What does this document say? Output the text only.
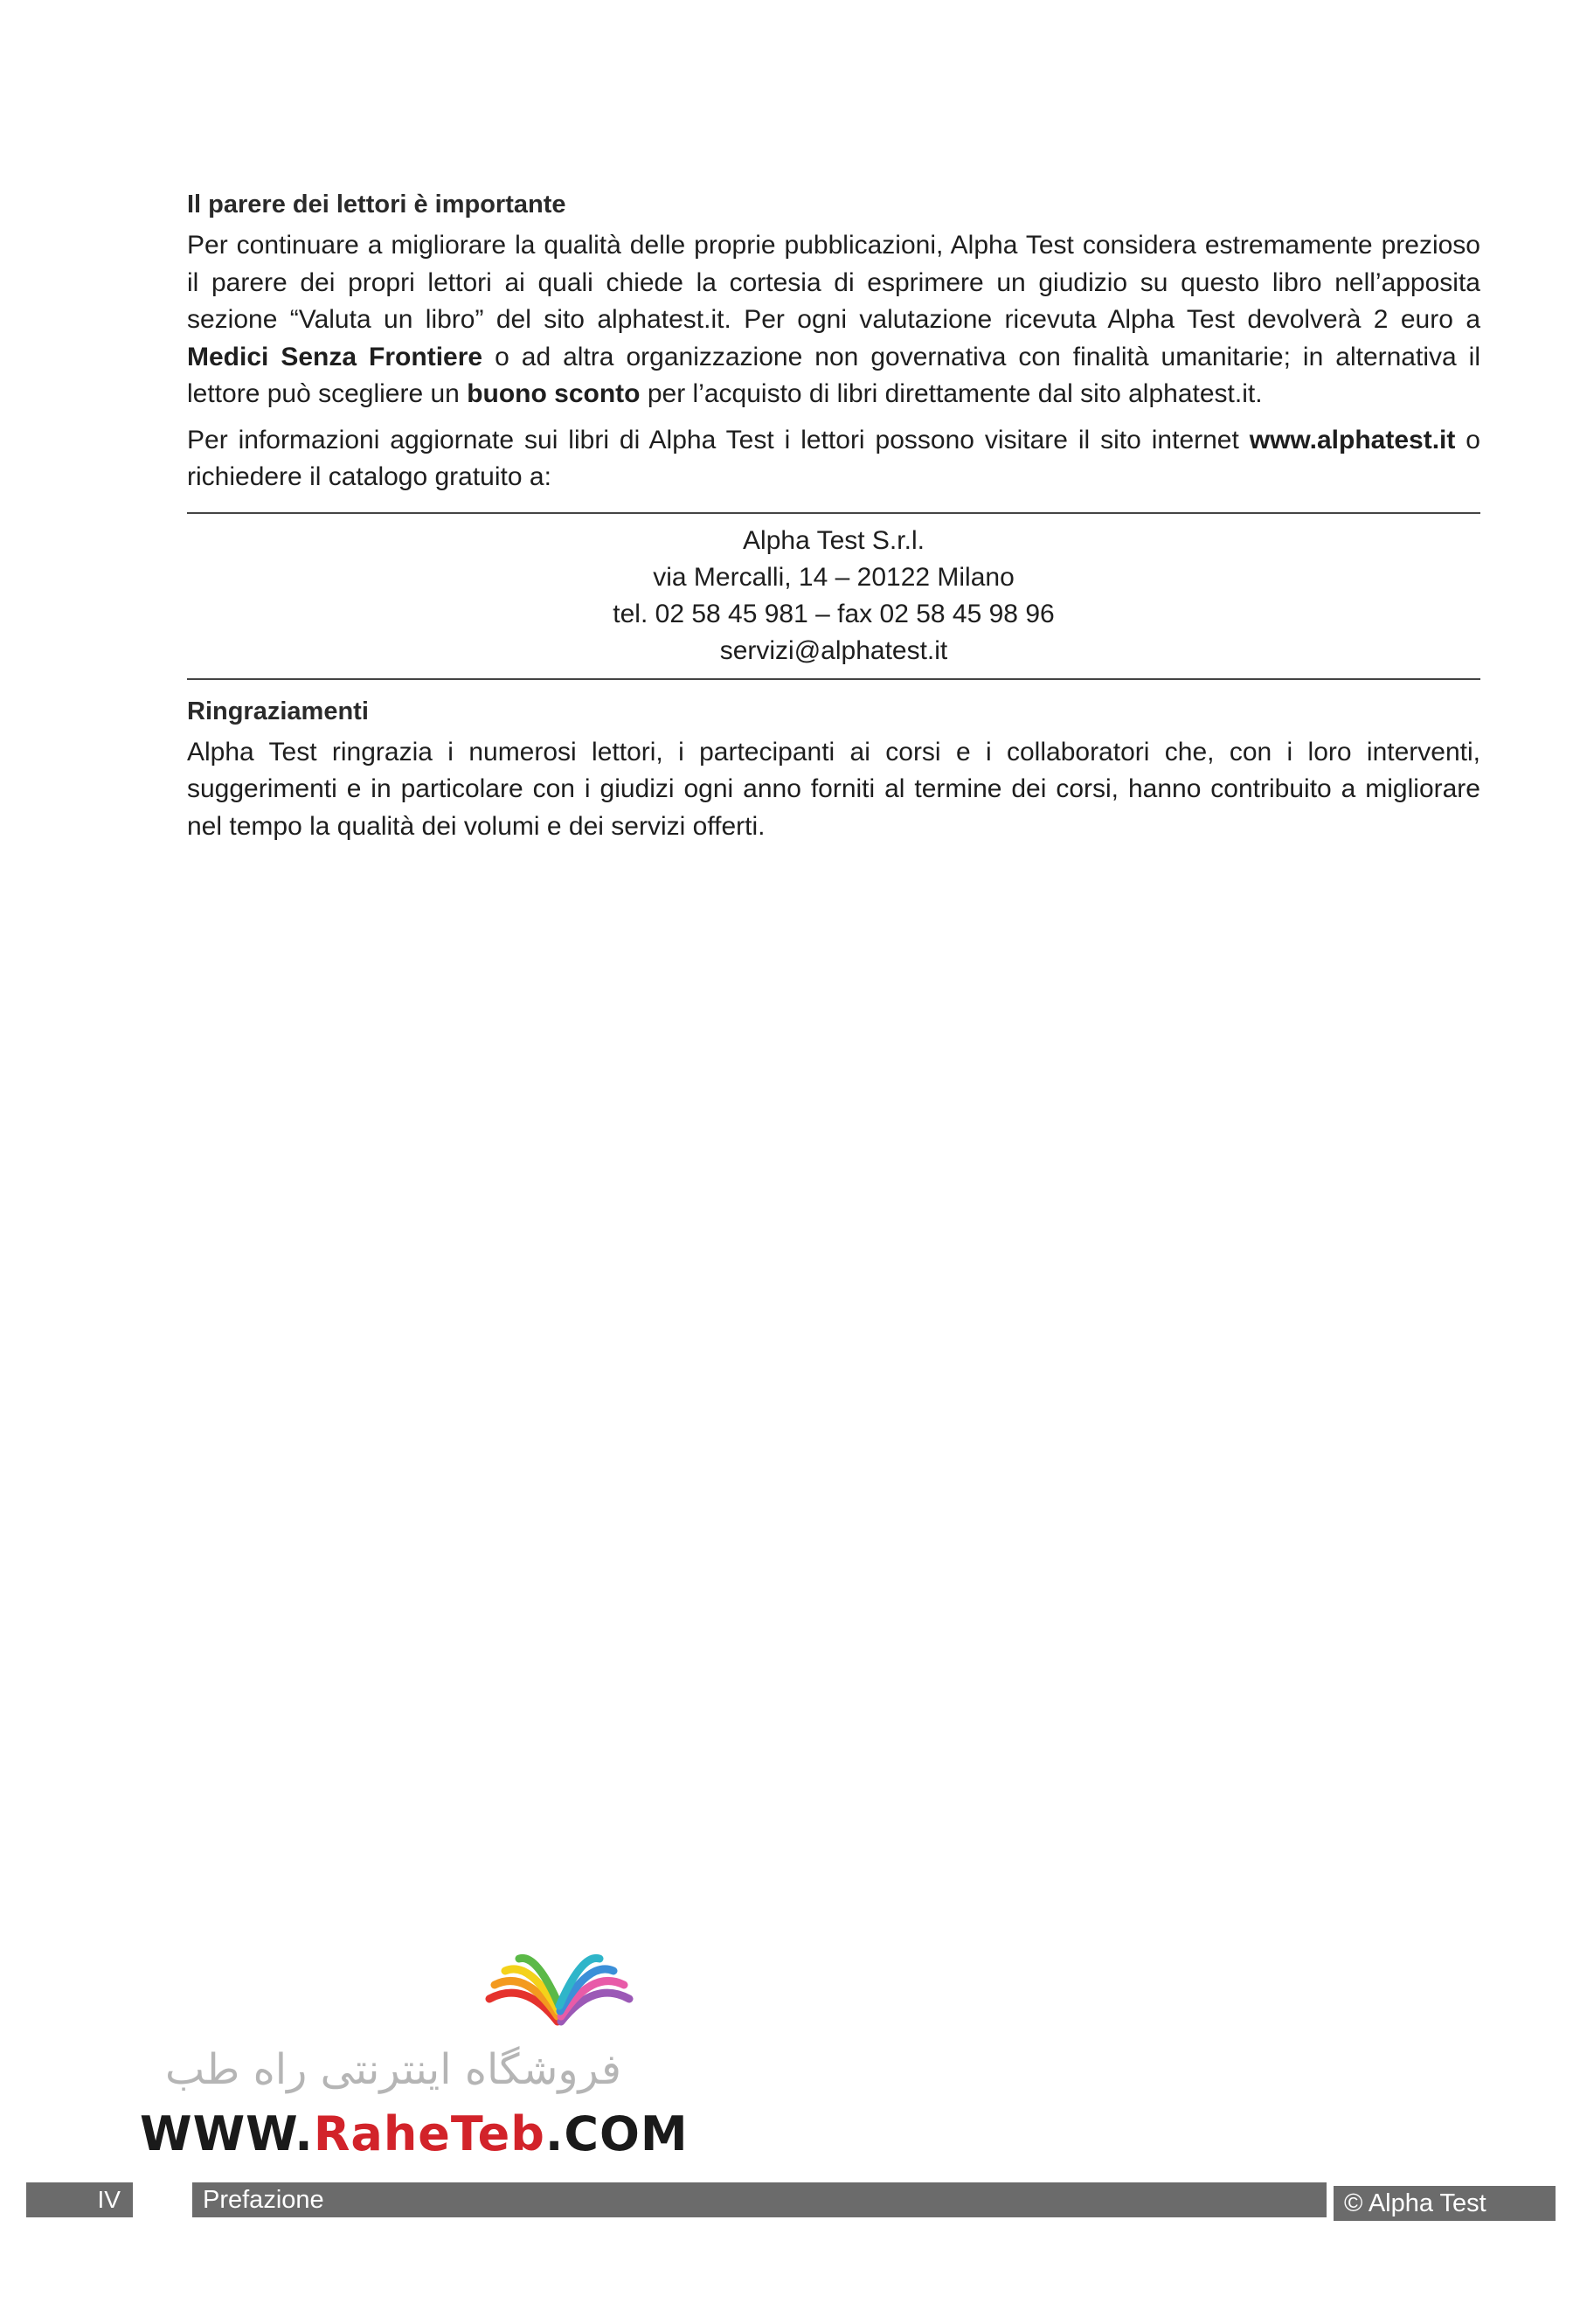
Il parere dei lettori è importante

Per continuare a migliorare la qualità delle proprie pubblicazioni, Alpha Test considera estremamente prezioso il parere dei propri lettori ai quali chiede la cortesia di esprimere un giudizio su questo libro nell’apposita sezione “Valuta un libro” del sito alphatest.it. Per ogni valutazione ricevuta Alpha Test devolverà 2 euro a Medici Senza Frontiere o ad altra organizzazione non governativa con finalità umanitarie; in alternativa il lettore può scegliere un buono sconto per l’acquisto di libri direttamente dal sito alphatest.it.

Per informazioni aggiornate sui libri di Alpha Test i lettori possono visitare il sito internet www.alphatest.it o richiedere il catalogo gratuito a:

Alpha Test S.r.l.
via Mercalli, 14 – 20122 Milano
tel. 02 58 45 981 – fax 02 58 45 98 96
servizi@alphatest.it
Ringraziamenti

Alpha Test ringrazia i numerosi lettori, i partecipanti ai corsi e i collaboratori che, con i loro interventi, suggerimenti e in particolare con i giudizi ogni anno forniti al termine dei corsi, hanno contribuito a migliorare nel tempo la qualità dei volumi e dei servizi offerti.

فروشگاه اینترنتی راه طب
WWW.RaheTeb.COM
IV	Prefazione	© Alpha Test
